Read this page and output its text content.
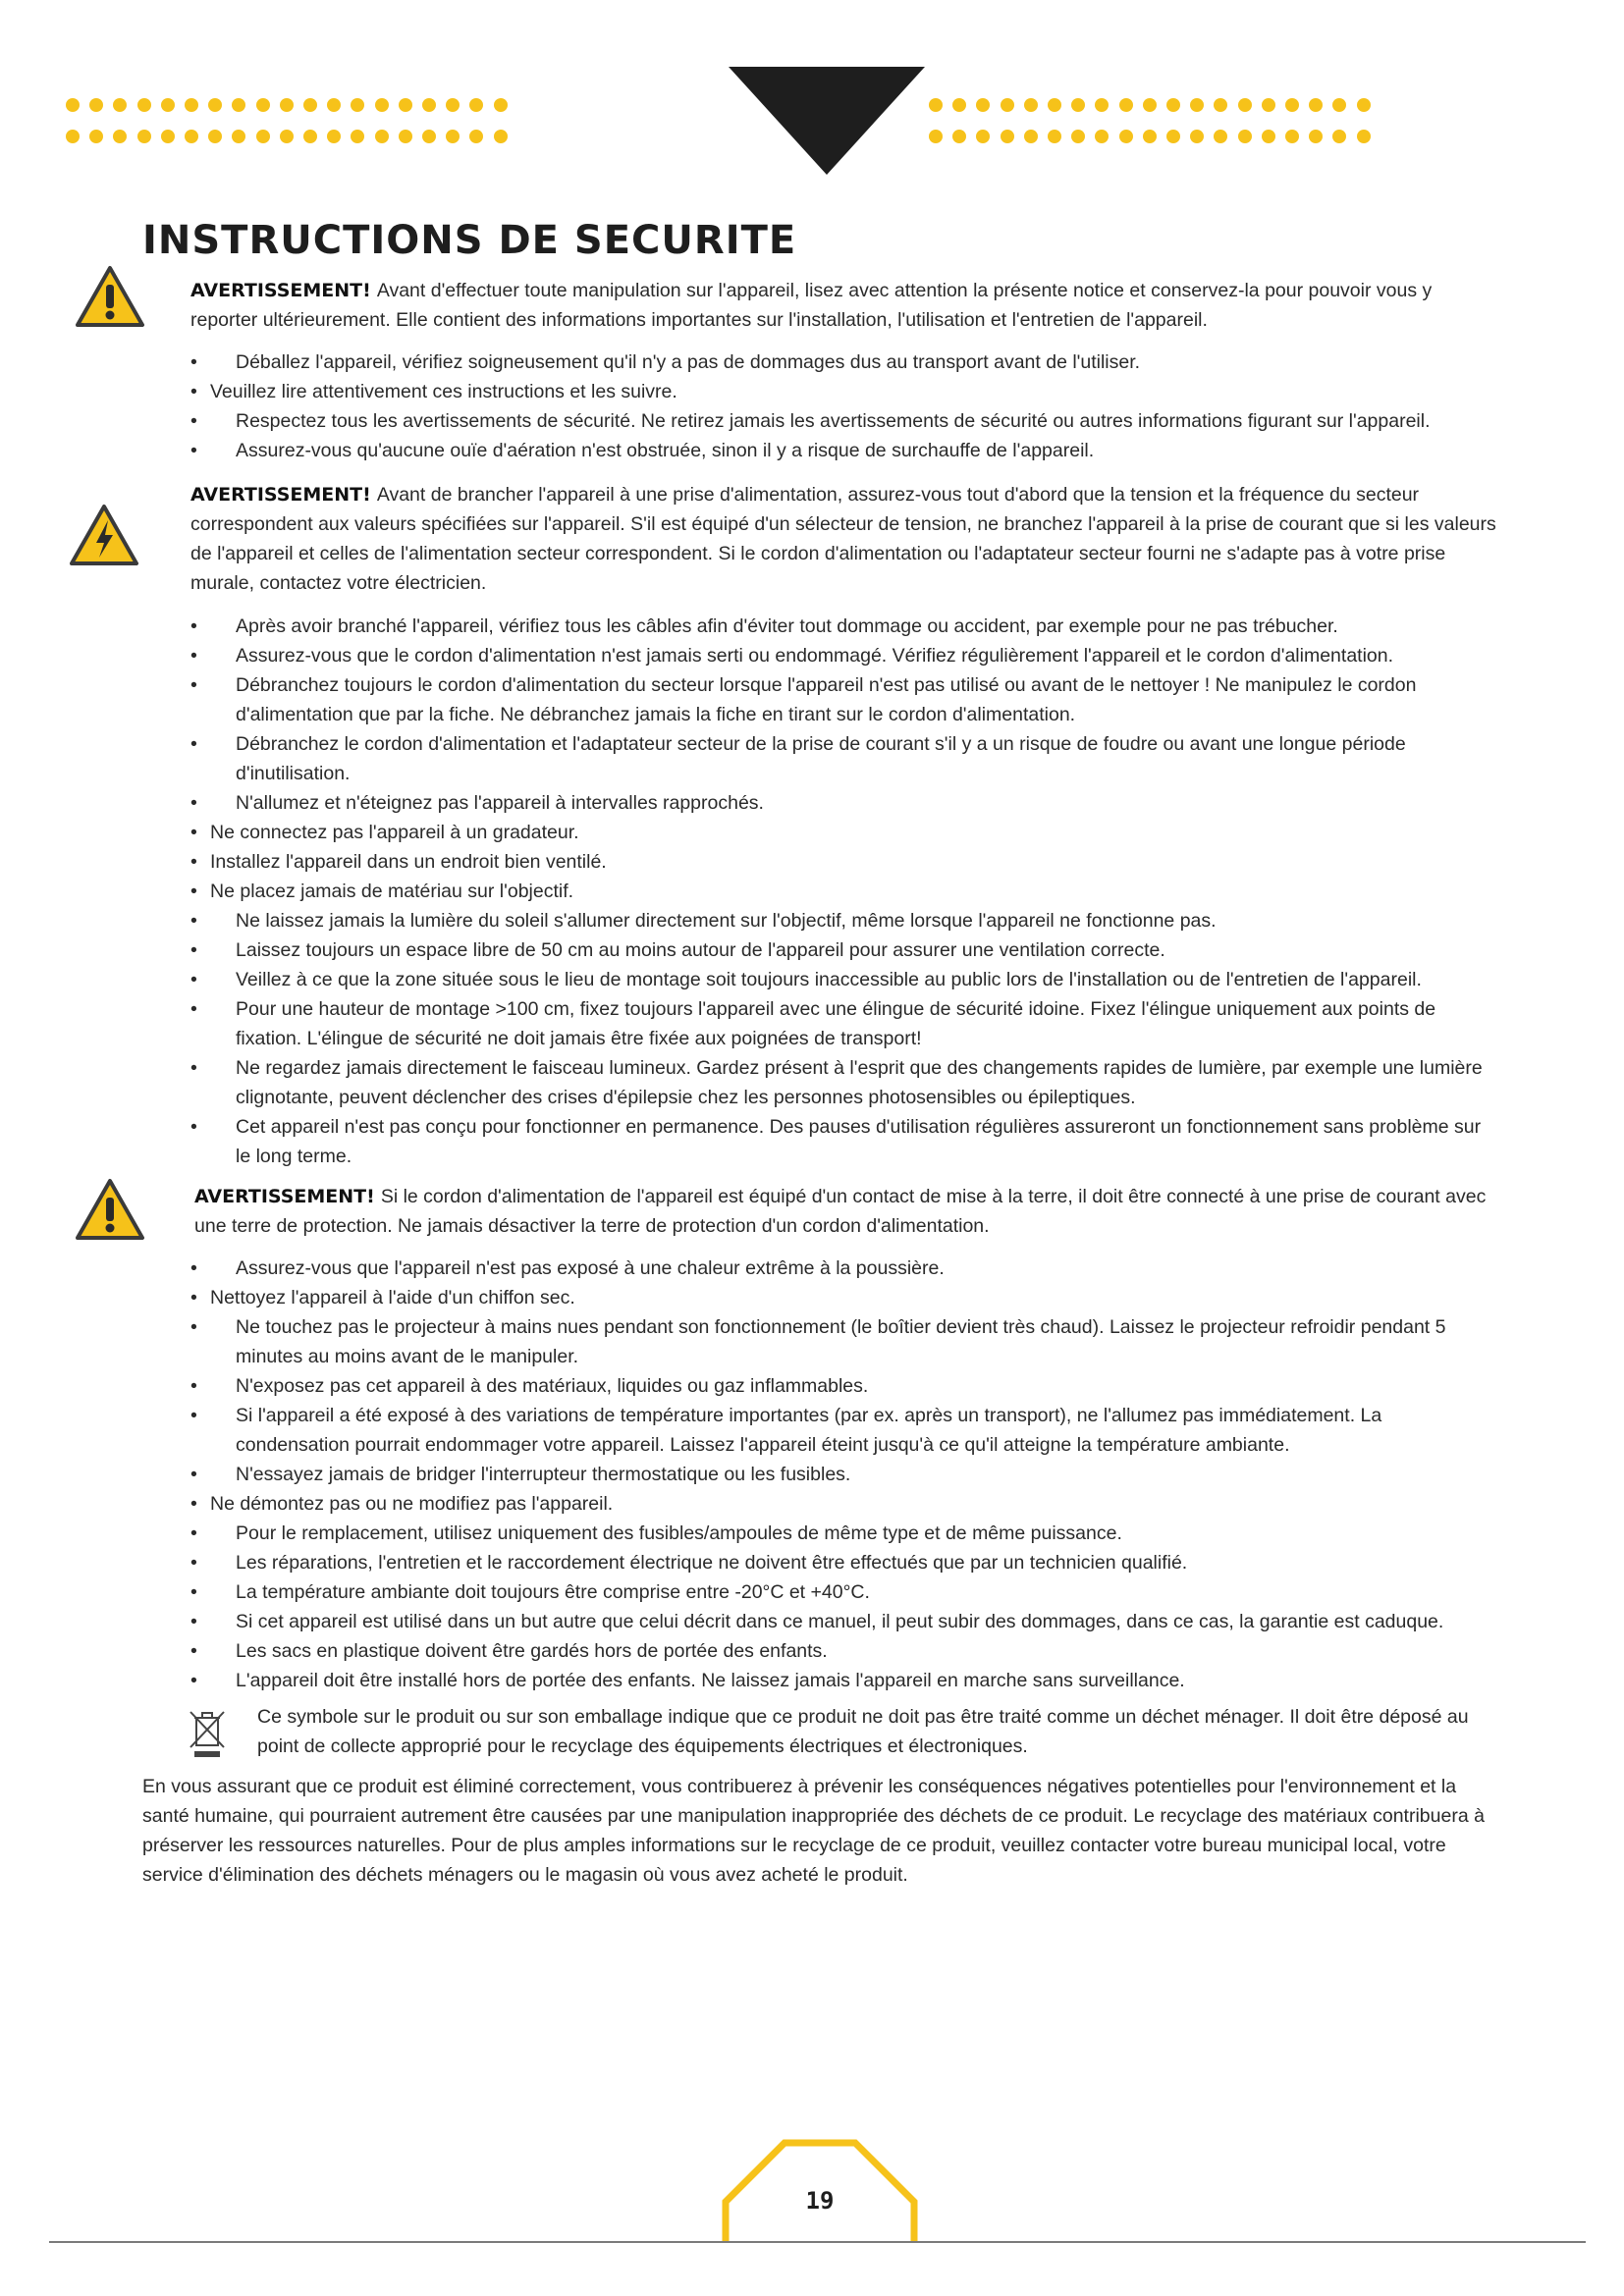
INSTRUCTIONS DE SECURITE
AVERTISSEMENT! Avant d'effectuer toute manipulation sur l'appareil, lisez avec attention la présente notice et conservez-la pour pouvoir vous y reporter ultérieurement. Elle contient des informations importantes sur l'installation, l'utilisation et l'entretien de l'appareil.
• Déballez l'appareil, vérifiez soigneusement qu'il n'y a pas de dommages dus au transport avant de l'utiliser.
• Veuillez lire attentivement ces instructions et les suivre.
• Respectez tous les avertissements de sécurité. Ne retirez jamais les avertissements de sécurité ou autres informations figurant sur l'appareil.
• Assurez-vous qu'aucune ouïe d'aération n'est obstruée, sinon il y a risque de surchauffe de l'appareil.
AVERTISSEMENT! Avant de brancher l'appareil à une prise d'alimentation, assurez-vous tout d'abord que la tension et la fréquence du secteur correspondent aux valeurs spécifiées sur l'appareil. S'il est équipé d'un sélecteur de tension, ne branchez l'appareil à la prise de courant que si les valeurs de l'appareil et celles de l'alimentation secteur correspondent. Si le cordon d'alimentation ou l'adaptateur secteur fourni ne s'adapte pas à votre prise murale, contactez votre électricien.
• Après avoir branché l'appareil, vérifiez tous les câbles afin d'éviter tout dommage ou accident, par exemple pour ne pas trébucher.
• Assurez-vous que le cordon d'alimentation n'est jamais serti ou endommagé. Vérifiez régulièrement l'appareil et le cordon d'alimentation.
• Débranchez toujours le cordon d'alimentation du secteur lorsque l'appareil n'est pas utilisé ou avant de le nettoyer ! Ne manipulez le cordon d'alimentation que par la fiche. Ne débranchez jamais la fiche en tirant sur le cordon d'alimentation.
• Débranchez le cordon d'alimentation et l'adaptateur secteur de la prise de courant s'il y a un risque de foudre ou avant une longue période d'inutilisation.
• N'allumez et n'éteignez pas l'appareil à intervalles rapprochés.
• Ne connectez pas l'appareil à un gradateur.
• Installez l'appareil dans un endroit bien ventilé.
• Ne placez jamais de matériau sur l'objectif.
• Ne laissez jamais la lumière du soleil s'allumer directement sur l'objectif, même lorsque l'appareil ne fonctionne pas.
• Laissez toujours un espace libre de 50 cm au moins autour de l'appareil pour assurer une ventilation correcte.
• Veillez à ce que la zone située sous le lieu de montage soit toujours inaccessible au public lors de l'installation ou de l'entretien de l'appareil.
• Pour une hauteur de montage >100 cm, fixez toujours l'appareil avec une élingue de sécurité idoine. Fixez l'élingue uniquement aux points de fixation. L'élingue de sécurité ne doit jamais être fixée aux poignées de transport!
• Ne regardez jamais directement le faisceau lumineux. Gardez présent à l'esprit que des changements rapides de lumière, par exemple une lumière clignotante, peuvent déclencher des crises d'épilepsie chez les personnes photosensibles ou épileptiques.
• Cet appareil n'est pas conçu pour fonctionner en permanence. Des pauses d'utilisation régulières assureront un fonctionnement sans problème sur le long terme.
AVERTISSEMENT! Si le cordon d'alimentation de l'appareil est équipé d'un contact de mise à la terre, il doit être connecté à une prise de courant avec une terre de protection. Ne jamais désactiver la terre de protection d'un cordon d'alimentation.
• Assurez-vous que l'appareil n'est pas exposé à une chaleur extrême à la poussière.
• Nettoyez l'appareil à l'aide d'un chiffon sec.
• Ne touchez pas le projecteur à mains nues pendant son fonctionnement (le boîtier devient très chaud). Laissez le projecteur refroidir pendant 5 minutes au moins avant de le manipuler.
• N'exposez pas cet appareil à des matériaux, liquides ou gaz inflammables.
• Si l'appareil a été exposé à des variations de température importantes (par ex. après un transport), ne l'allumez pas immédiatement. La condensation pourrait endommager votre appareil. Laissez l'appareil éteint jusqu'à ce qu'il atteigne la température ambiante.
• N'essayez jamais de bridger l'interrupteur thermostatique ou les fusibles.
• Ne démontez pas ou ne modifiez pas l'appareil.
• Pour le remplacement, utilisez uniquement des fusibles/ampoules de même type et de même puissance.
• Les réparations, l'entretien et le raccordement électrique ne doivent être effectués que par un technicien qualifié.
• La température ambiante doit toujours être comprise entre -20°C et +40°C.
• Si cet appareil est utilisé dans un but autre que celui décrit dans ce manuel, il peut subir des dommages, dans ce cas, la garantie est caduque.
• Les sacs en plastique doivent être gardés hors de portée des enfants.
• L'appareil doit être installé hors de portée des enfants. Ne laissez jamais l'appareil en marche sans surveillance.
Ce symbole sur le produit ou sur son emballage indique que ce produit ne doit pas être traité comme un déchet ménager. Il doit être déposé au point de collecte approprié pour le recyclage des équipements électriques et électroniques.
En vous assurant que ce produit est éliminé correctement, vous contribuerez à prévenir les conséquences négatives potentielles pour l'environnement et la santé humaine, qui pourraient autrement être causées par une manipulation inappropriée des déchets de ce produit. Le recyclage des matériaux contribuera à préserver les ressources naturelles. Pour de plus amples informations sur le recyclage de ce produit, veuillez contacter votre bureau municipal local, votre service d'élimination des déchets ménagers ou le magasin où vous avez acheté le produit.
19
